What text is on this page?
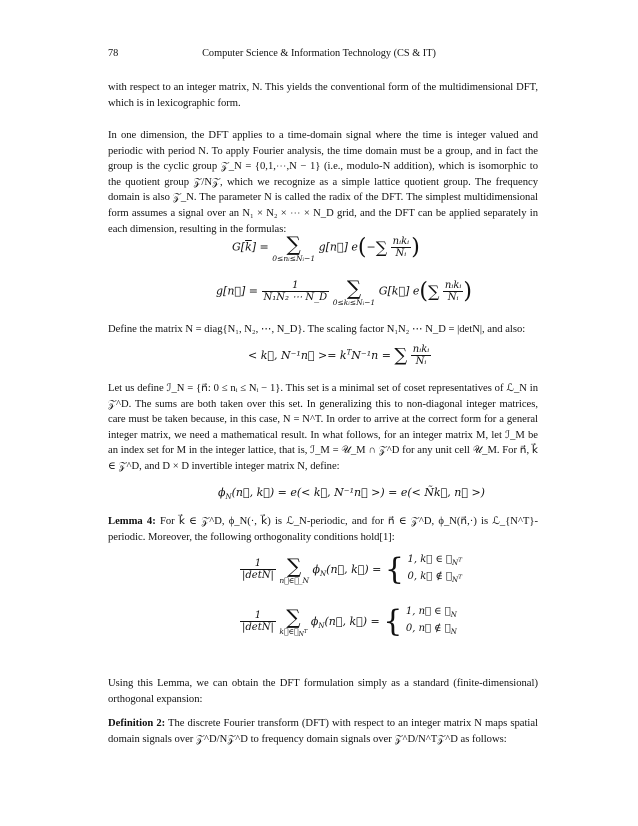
78	Computer Science & Information Technology (CS & IT)

with respect to an integer matrix, N. This yields the conventional form of the multidimensional DFT, which is in lexicographic form.

In one dimension, the DFT applies to a time-domain signal where the time is integer valued and periodic with period N. To apply Fourier analysis, the time domain must be a group, and in fact the group is the cyclic group 𝒵_N = {0,1,⋯,N − 1} (i.e., modulo-N addition), which is isomorphic to the quotient group 𝒵/N𝒵, which we recognize as a simple lattice quotient group. The frequency domain is also 𝒵_N. The parameter N is called the radix of the DFT. The simplest multidimensional form assumes a signal over an N₁ × N₂ × ⋯ × N_D grid, and the DFT can be applied separately in each dimension, resulting in the formulas:

$G[\overline{k}]$ = ∑
0≤nᵢ≤Nᵢ−1
g[n⃗] $e(-\sum \frac{\text{nᵢkᵢ}}{\text{Nᵢ}}$ )
g[n⃗] = $\frac{1}{\text{N₁N₂ ⋯ N\_D}}$ ∑
0≤kᵢ≤Nᵢ−1
G[k⃗] $e(\sum \frac{\text{nᵢkᵢ}}{\text{Nᵢ}}$ )

Define the matrix N = diag{N₁, N₂, ⋯, N_D}. The scaling factor N₁N₂ ⋯ N_D = |detN|, and also:

< k⃗, N⁻¹n⃗ >= $k^TN^{-1}n$ = ∑ $\frac{\text{nᵢkᵢ}}{\text{Nᵢ}}$

Let us define ℐ_N = {n⃗: 0 ≤ nᵢ ≤ Nᵢ − 1}. This set is a minimal set of coset representatives of ℒ_N in 𝒵^D. The sums are both taken over this set. In generalizing this to non-diagonal integer matrices, care must be taken because, in this case, N = N^T. In order to arrive at the correct form for a general integer matrix, we need a mathematical result. In what follows, for an integer matrix M, let ℐ_M be an index set for M in the integer lattice, that is, ℐ_M = 𝒰_M ∩ 𝒵^D for any unit cell 𝒰_M. For n⃗, k⃗ ∈ 𝒵^D, and D × D invertible integer matrix N, define:

$\phi_N(n⃗$, k⃗) = e(< k⃗, N⁻¹n⃗ >) = e(< Ñk⃗, n⃗ >)

Lemma 4: For k⃗ ∈ 𝒵^D, ϕ_N(·, k⃗) is ℒ_N-periodic, and for n⃗ ∈ 𝒵^D, ϕ_N(n⃗,·) is ℒ_{N^T}-periodic. Moreover, the following orthogonality conditions hold[1]:

$\frac{1}{|\det N|}$ ∑
n⃗∈ℐ_N
$\phi_N(n⃗$, k⃗) = { 1, k⃗ ∈ ℒ$_{N^T}$
0, k⃗ ∉ ℒ$_{N^T}$
$\frac{1}{|\det N|}$ ∑
k⃗∈ℐ$_{N^T}$
$\phi_N(n⃗$, k⃗) = { 1, n⃗ ∈ ℒ$_N$
0, n⃗ ∉ ℒ$_N$

Using this Lemma, we can obtain the DFT formulation simply as a standard (finite-dimensional) orthogonal expansion:

Definition 2: The discrete Fourier transform (DFT) with respect to an integer matrix N maps spatial domain signals over 𝒵^D/N𝒵^D to frequency domain signals over 𝒵^D/N^T𝒵^D as follows:
